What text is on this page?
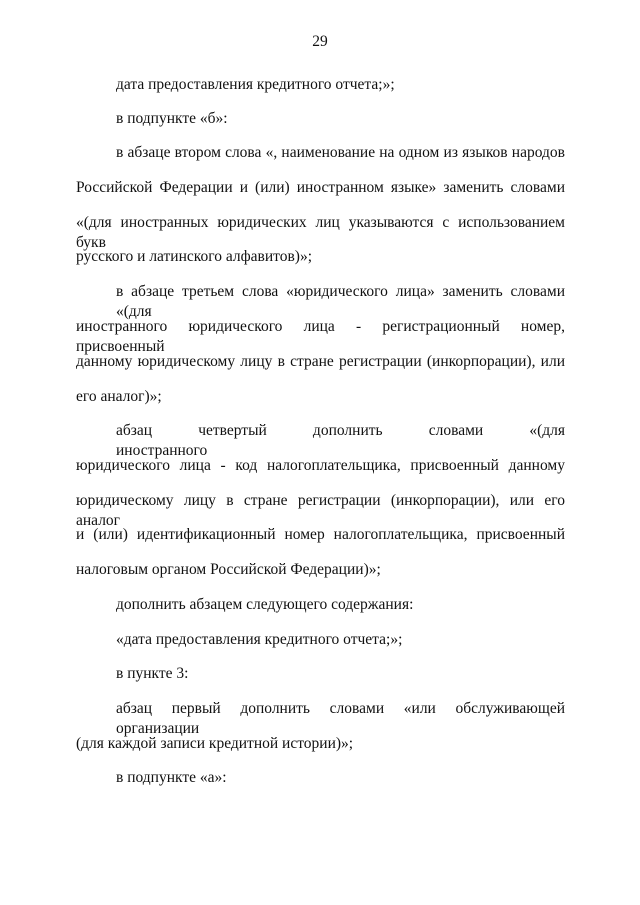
29
дата предоставления кредитного отчета;»;
в подпункте «б»:
в абзаце втором слова «, наименование на одном из языков народов
Российской Федерации и (или) иностранном языке» заменить словами
«(для иностранных юридических лиц указываются с использованием букв
русского и латинского алфавитов)»;
в абзаце третьем слова «юридического лица» заменить словами «(для
иностранного юридического лица - регистрационный номер, присвоенный
данному юридическому лицу в стране регистрации (инкорпорации), или
его аналог)»;
абзац четвертый дополнить словами «(для иностранного
юридического лица - код налогоплательщика, присвоенный данному
юридическому лицу в стране регистрации (инкорпорации), или его аналог
и (или) идентификационный номер налогоплательщика, присвоенный
налоговым органом Российской Федерации)»;
дополнить абзацем следующего содержания:
«дата предоставления кредитного отчета;»;
в пункте 3:
абзац первый дополнить словами «или обслуживающей организации
(для каждой записи кредитной истории)»;
в подпункте «а»:
